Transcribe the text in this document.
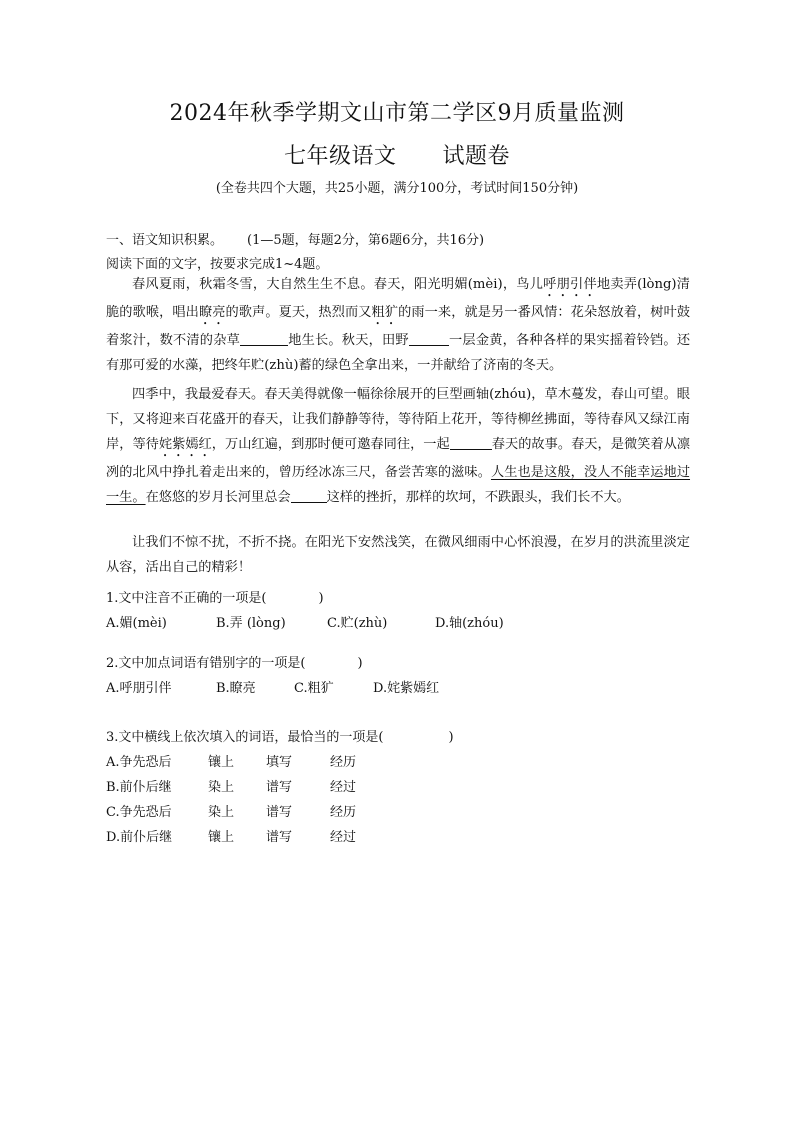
2024年秋季学期文山市第二学区9月质量监测
七年级语文 试题卷
(全卷共四个大题，共25小题，满分100分，考试时间150分钟)
一、语文知识积累。 (1—5题，每题2分，第6题6分，共16分)
阅读下面的文字，按要求完成1~4题。
春风夏雨，秋霜冬雪，大自然生生不息。春天，阳光明媚(mèi)，鸟儿呼朋引伴地卖弄(lòng)清脆的歌喉，唱出瞭亮的歌声。夏天，热烈而又粗犷的雨一来，就是另一番风情：花朵怒放着，树叶鼓着浆汁，数不清的杂草	地生长。秋天，田野	一层金黄，各种各样的果实摇着铃铛。还有那可爱的水藻，把终年贮(zhù)蓄的绿色全拿出来，一并献给了济南的冬天。
四季中，我最爱春天。春天美得就像一幅徐徐展开的巨型画轴(zhóu)，草木蔓发，春山可望。眼下，又将迎来百花盛开的春天，让我们静静等待，等待陌上花开，等待柳丝拂面，等待春风又绿江南岸，等待姹紫嫣红，万山红遍，到那时便可邀春同往，一起	春天的故事。春天，是微笑着从凛冽的北风中挣扎着走出来的，曾历经冰冻三尺，备尝苦寒的滋味。人生也是这般，没人不能幸运地过一生。在悠悠的岁月长河里总会	这样的挫折，那样的坎坷，不跌跟头，我们长不大。
让我们不惊不扰，不折不挠。在阳光下安然浅笑，在微风细雨中心怀浪漫，在岁月的洪流里淡定从容，活出自己的精彩！
1.文中注音不正确的一项是(　　　　)
A.媚(mèi)	B.弄 (lòng)	C.贮(zhù)	D.轴(zhóu)
2.文中加点词语有错别字的一项是(　　　　)
A.呼朋引伴	B.瞭亮	C.粗犷	D.姹紫嫣红
3.文中横线上依次填入的词语，最恰当的一项是(　　　　　)
A.争先恐后	镶上 填写	经历
B.前仆后继	染上 谱写	经过
C.争先恐后	染上 谱写	经历
D.前仆后继	镶上 谱写	经过
